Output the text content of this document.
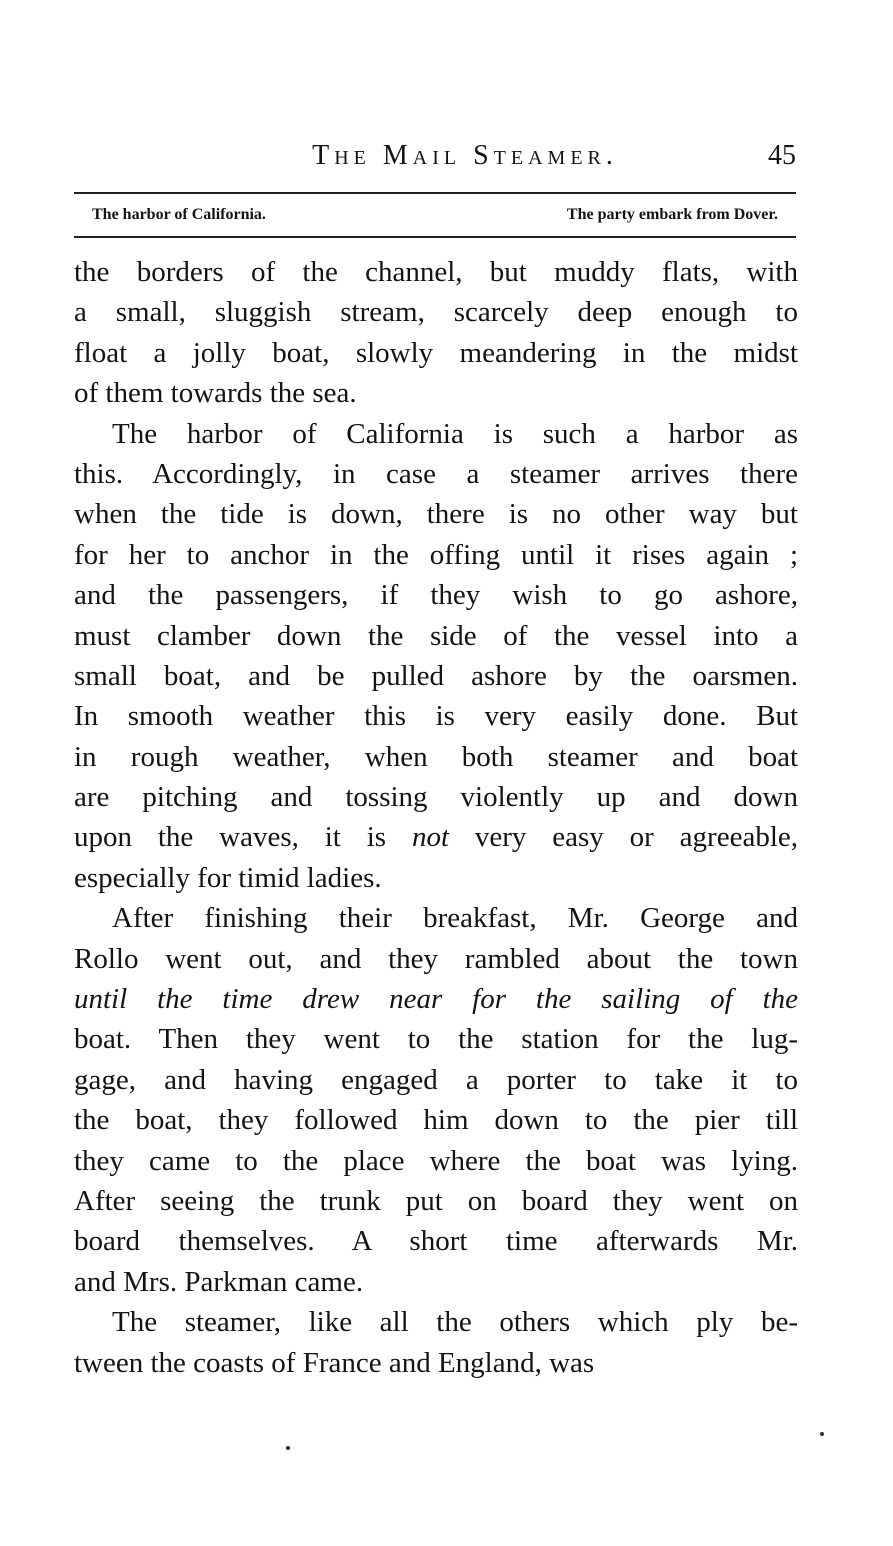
The Mail Steamer.	45
The harbor of California.	The party embark from Dover.
the borders of the channel, but muddy flats, with
a small, sluggish stream, scarcely deep enough to
float a jolly boat, slowly meandering in the midst
of them towards the sea.
The harbor of California is such a harbor as
this. Accordingly, in case a steamer arrives there
when the tide is down, there is no other way but
for her to anchor in the offing until it rises again ;
and the passengers, if they wish to go ashore,
must clamber down the side of the vessel into a
small boat, and be pulled ashore by the oarsmen.
In smooth weather this is very easily done. But
in rough weather, when both steamer and boat
are pitching and tossing violently up and down
upon the waves, it is not very easy or agreeable,
especially for timid ladies.
After finishing their breakfast, Mr. George and
Rollo went out, and they rambled about the town
until the time drew near for the sailing of the
boat. Then they went to the station for the lug-
gage, and having engaged a porter to take it to
the boat, they followed him down to the pier till
they came to the place where the boat was lying.
After seeing the trunk put on board they went on
board themselves. A short time afterwards Mr.
and Mrs. Parkman came.
The steamer, like all the others which ply be-
tween the coasts of France and England, was
